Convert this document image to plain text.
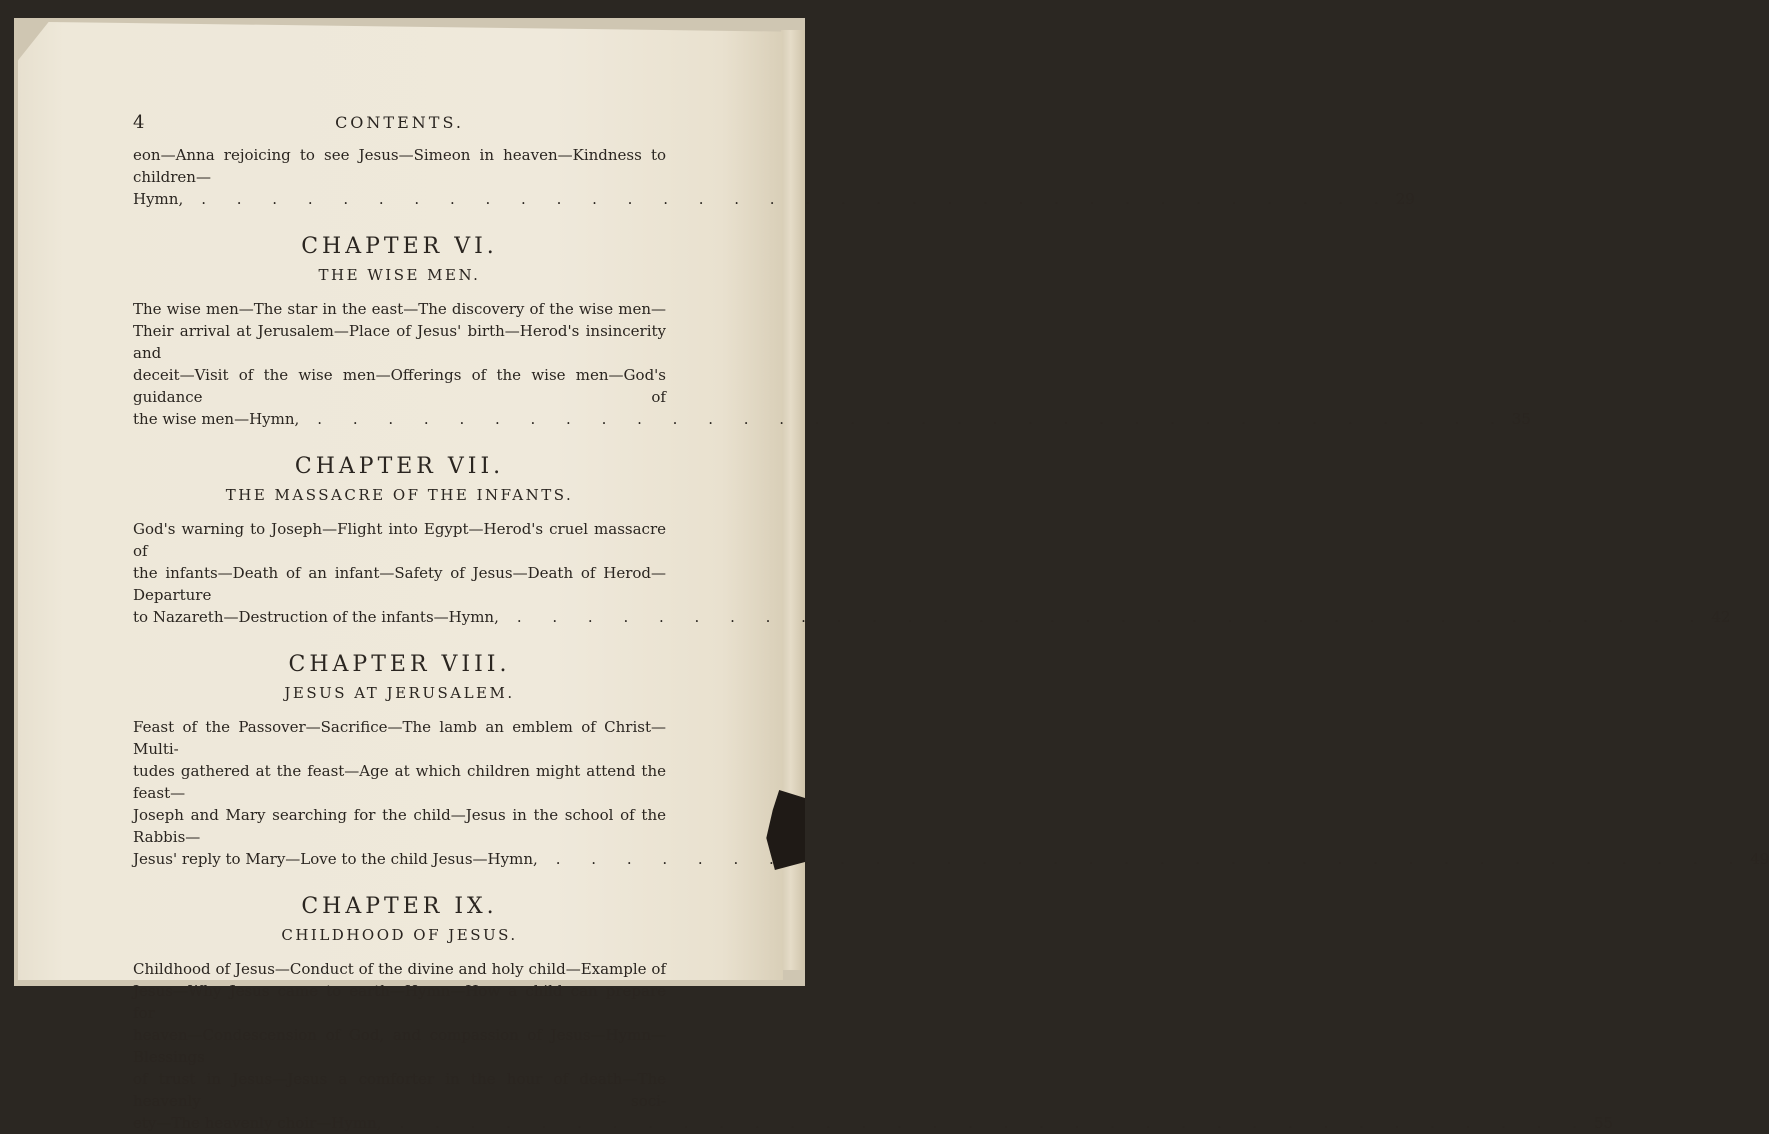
4	CONTENTS.

eon—Anna rejoicing to see Jesus—Simeon in heaven—Kindness to children—

Hymn,	. . . . . . . . . . . . . . . . . . . . . . . . . . . . . . . . . . 29
CHAPTER VI.
THE WISE MEN.

The wise men—The star in the east—The discovery of the wise men—

Their arrival at Jerusalem—Place of Jesus' birth—Herod's insincerity and

deceit—Visit of the wise men—Offerings of the wise men—God's guidance of

the wise men—Hymn,	. . . . . . . . . . . . . . . . . . . . . . . . . . . . . . . . . . 35
CHAPTER VII.
THE MASSACRE OF THE INFANTS.

God's warning to Joseph—Flight into Egypt—Herod's cruel massacre of

the infants—Death of an infant—Safety of Jesus—Death of Herod—Departure

to Nazareth—Destruction of the infants—Hymn,	. . . . . . . . . . . . . . . . . . . . . . . . . . . . . . . . . . 42
CHAPTER VIII.
JESUS AT JERUSALEM.

Feast of the Passover—Sacrifice—The lamb an emblem of Christ—Multi-

tudes gathered at the feast—Age at which children might attend the feast—

Joseph and Mary searching for the child—Jesus in the school of the Rabbis—

Jesus' reply to Mary—Love to the child Jesus—Hymn,	. . . . . . . . . . . . . . . . . . . . . . . . . . . . . . . . . . 49
CHAPTER IX.
CHILDHOOD OF JESUS.

Childhood of Jesus—Conduct of the divine and holy child—Example of

Jesus—Why Jesus came to earth—Hymn—How a child can prepare for

heaven—Condescension of God, and compassion of Jesus—Hymn—Blessings

of trust in Jesus—Jesus a comforter in the hour of death—The heavenly soci-

ety—The heavenly choir—Hymn,	. . . . . . . . . . . . . . . . . . . . . . . . . . . . . . . . . . 55
